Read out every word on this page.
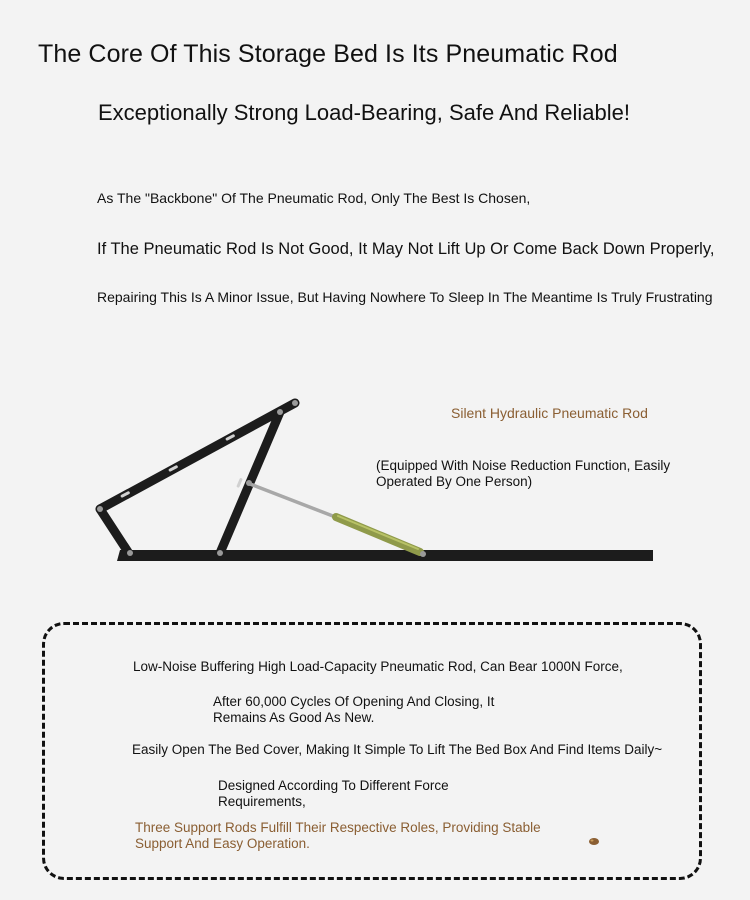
The Core Of This Storage Bed Is Its Pneumatic Rod
Exceptionally Strong Load-Bearing, Safe And Reliable!
As The "Backbone" Of The Pneumatic Rod, Only The Best Is Chosen,
If The Pneumatic Rod Is Not Good, It May Not Lift Up Or Come Back Down Properly,
Repairing This Is A Minor Issue, But Having Nowhere To Sleep In The Meantime Is Truly Frustrating
Silent Hydraulic Pneumatic Rod
(Equipped With Noise Reduction Function, Easily Operated By One Person)
Low-Noise Buffering High Load-Capacity Pneumatic Rod, Can Bear 1000N Force,
After 60,000 Cycles Of Opening And Closing, It Remains As Good As New.
Easily Open The Bed Cover, Making It Simple To Lift The Bed Box And Find Items Daily~
Designed According To Different Force Requirements,
Three Support Rods Fulfill Their Respective Roles, Providing Stable Support And Easy Operation.
